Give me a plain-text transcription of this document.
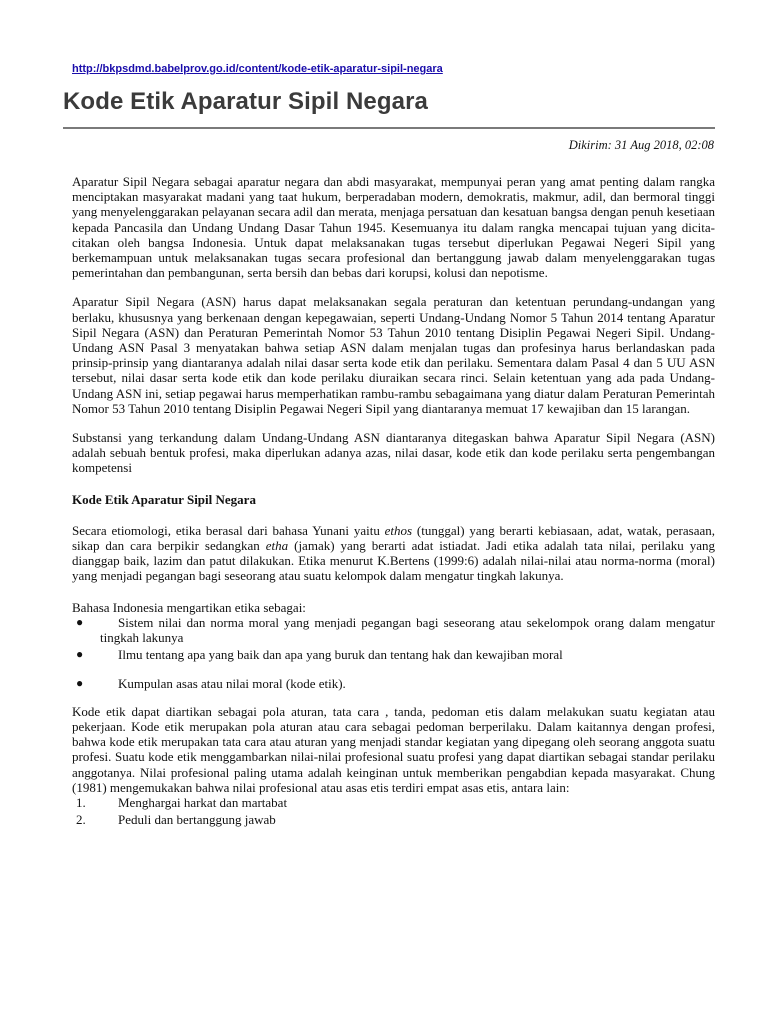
http://bkpsdmd.babelprov.go.id/content/kode-etik-aparatur-sipil-negara
Kode Etik Aparatur Sipil Negara
Dikirim: 31 Aug 2018, 02:08

Aparatur Sipil Negara sebagai aparatur negara dan abdi masyarakat, mempunyai peran yang amat penting dalam rangka menciptakan masyarakat madani yang taat hukum, berperadaban modern, demokratis, makmur, adil, dan bermoral tinggi yang menyelenggarakan pelayanan secara adil dan merata, menjaga persatuan dan kesatuan bangsa dengan penuh kesetiaan kepada Pancasila dan Undang Undang Dasar Tahun 1945. Kesemuanya itu dalam rangka mencapai tujuan yang dicita-citakan oleh bangsa Indonesia. Untuk dapat melaksanakan tugas tersebut diperlukan Pegawai Negeri Sipil yang berkemampuan untuk melaksanakan tugas secara profesional dan bertanggung jawab dalam menyelenggarakan tugas pemerintahan dan pembangunan, serta bersih dan bebas dari korupsi, kolusi dan nepotisme.

Aparatur Sipil Negara (ASN) harus dapat melaksanakan segala peraturan dan ketentuan perundang-undangan yang berlaku, khususnya yang berkenaan dengan kepegawaian, seperti Undang-Undang Nomor 5 Tahun 2014 tentang Aparatur Sipil Negara (ASN) dan Peraturan Pemerintah Nomor 53 Tahun 2010 tentang Disiplin Pegawai Negeri Sipil. Undang-Undang ASN Pasal 3 menyatakan bahwa setiap ASN dalam menjalan tugas dan profesinya harus berlandaskan pada prinsip-prinsip yang diantaranya adalah nilai dasar serta kode etik dan perilaku. Sementara dalam Pasal 4 dan 5 UU ASN tersebut, nilai dasar serta kode etik dan kode perilaku diuraikan secara rinci. Selain ketentuan yang ada pada Undang-Undang ASN ini, setiap pegawai harus memperhatikan rambu-rambu sebagaimana yang diatur dalam Peraturan Pemerintah Nomor 53 Tahun 2010 tentang Disiplin Pegawai Negeri Sipil yang diantaranya memuat 17 kewajiban dan 15 larangan.

Substansi yang terkandung dalam Undang-Undang ASN diantaranya ditegaskan bahwa Aparatur Sipil Negara (ASN) adalah sebuah bentuk profesi, maka diperlukan adanya azas, nilai dasar, kode etik dan kode perilaku serta pengembangan kompetensi

Kode Etik Aparatur Sipil Negara

Secara etiomologi, etika berasal dari bahasa Yunani yaitu ethos (tunggal) yang berarti kebiasaan, adat, watak, perasaan, sikap dan cara berpikir sedangkan etha (jamak) yang berarti adat istiadat. Jadi etika adalah tata nilai, perilaku yang dianggap baik, lazim dan patut dilakukan. Etika menurut K.Bertens (1999:6) adalah nilai-nilai atau norma-norma (moral) yang menjadi pegangan bagi seseorang atau suatu kelompok dalam mengatur tingkah lakunya.

Bahasa Indonesia mengartikan etika sebagai:

●	Sistem nilai dan norma moral yang menjadi pegangan bagi seseorang atau sekelompok orang dalam mengatur tingkah lakunya
●	Ilmu tentang apa yang baik dan apa yang buruk dan tentang hak dan kewajiban moral
●	Kumpulan asas atau nilai moral (kode etik).

Kode etik dapat diartikan sebagai pola aturan, tata cara , tanda, pedoman etis dalam melakukan suatu kegiatan atau pekerjaan. Kode etik merupakan pola aturan atau cara sebagai pedoman berperilaku. Dalam kaitannya dengan profesi, bahwa kode etik merupakan tata cara atau aturan yang menjadi standar kegiatan yang dipegang oleh seorang anggota suatu profesi. Suatu kode etik menggambarkan nilai-nilai profesional suatu profesi yang dapat diartikan sebagai standar perilaku anggotanya. Nilai profesional paling utama adalah keinginan untuk memberikan pengabdian kepada masyarakat. Chung (1981) mengemukakan bahwa nilai profesional atau asas etis terdiri empat asas etis, antara lain:

1. Menghargai harkat dan martabat
2. Peduli dan bertanggung jawab
